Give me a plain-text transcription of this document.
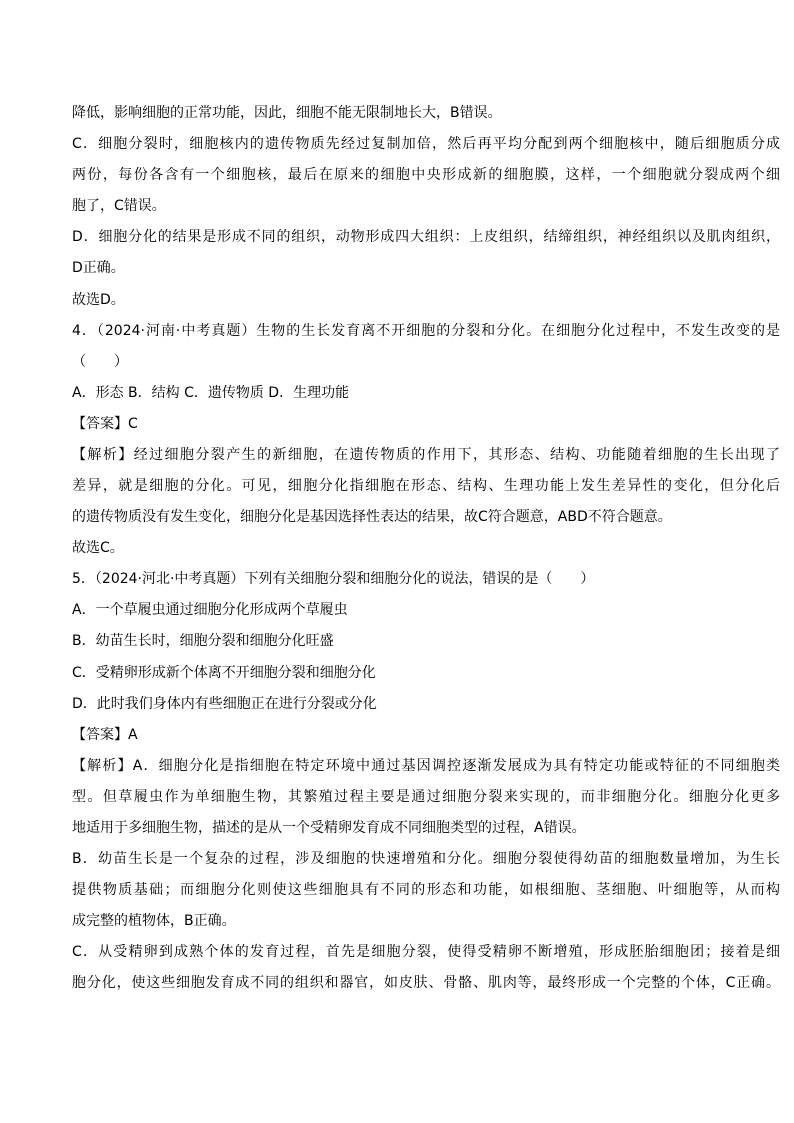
降低，影响细胞的正常功能，因此，细胞不能无限制地长大，B错误。
C．细胞分裂时，细胞核内的遗传物质先经过复制加倍，然后再平均分配到两个细胞核中，随后细胞质分成
两份，每份各含有一个细胞核，最后在原来的细胞中央形成新的细胞膜，这样，一个细胞就分裂成两个细
胞了，C错误。
D．细胞分化的结果是形成不同的组织，动物形成四大组织：上皮组织，结缔组织，神经组织以及肌肉组织，
D正确。
故选D。
4．（2024·河南·中考真题）生物的生长发育离不开细胞的分裂和分化。在细胞分化过程中，不发生改变的是
（　　）
A．形态 B．结构 C．遗传物质 D．生理功能
【答案】C
【解析】经过细胞分裂产生的新细胞，在遗传物质的作用下，其形态、结构、功能随着细胞的生长出现了
差异，就是细胞的分化。可见，细胞分化指细胞在形态、结构、生理功能上发生差异性的变化，但分化后
的遗传物质没有发生变化，细胞分化是基因选择性表达的结果，故C符合题意，ABD不符合题意。
故选C。
5．（2024·河北·中考真题）下列有关细胞分裂和细胞分化的说法，错误的是（　　）
A．一个草履虫通过细胞分化形成两个草履虫
B．幼苗生长时，细胞分裂和细胞分化旺盛
C．受精卵形成新个体离不开细胞分裂和细胞分化
D．此时我们身体内有些细胞正在进行分裂或分化
【答案】A
【解析】A．细胞分化是指细胞在特定环境中通过基因调控逐渐发展成为具有特定功能或特征的不同细胞类
型。但草履虫作为单细胞生物，其繁殖过程主要是通过细胞分裂来实现的，而非细胞分化。细胞分化更多
地适用于多细胞生物，描述的是从一个受精卵发育成不同细胞类型的过程，A错误。
B．幼苗生长是一个复杂的过程，涉及细胞的快速增殖和分化。细胞分裂使得幼苗的细胞数量增加，为生长
提供物质基础；而细胞分化则使这些细胞具有不同的形态和功能，如根细胞、茎细胞、叶细胞等，从而构
成完整的植物体，B正确。
C．从受精卵到成熟个体的发育过程，首先是细胞分裂，使得受精卵不断增殖，形成胚胎细胞团；接着是细
胞分化，使这些细胞发育成不同的组织和器官，如皮肤、骨骼、肌肉等，最终形成一个完整的个体，C正确。
